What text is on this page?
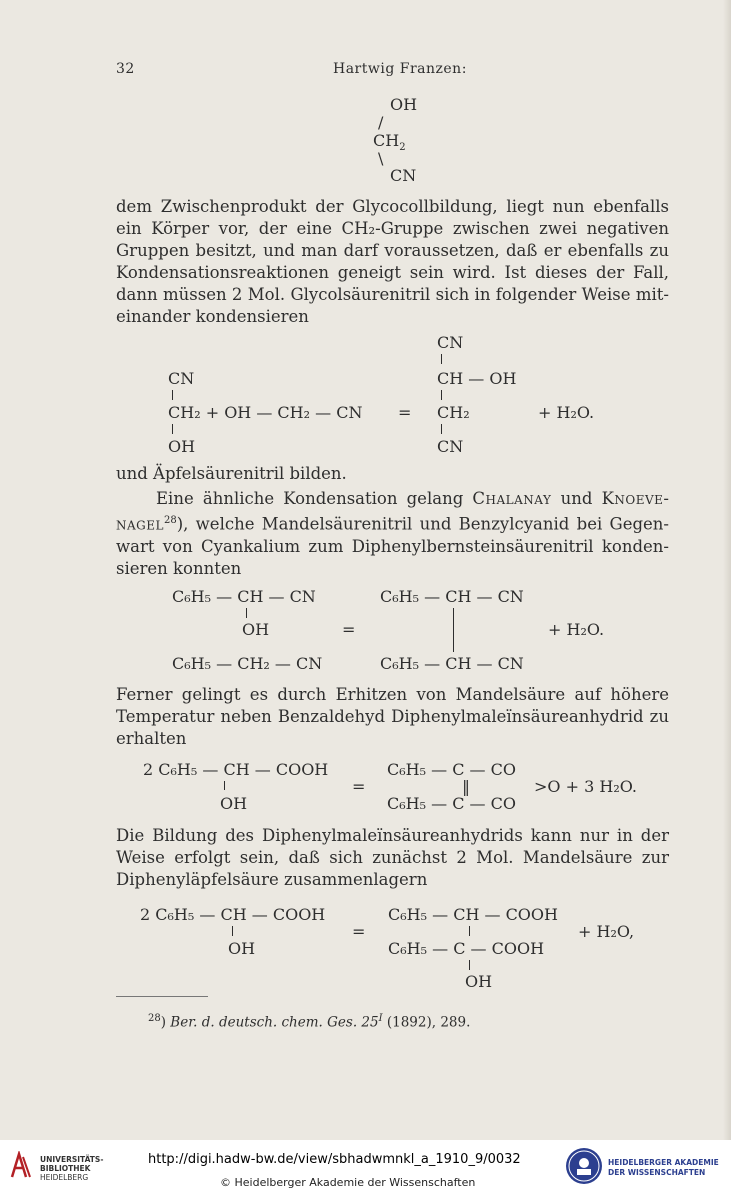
32	Hartwig Franzen:
OH
/
$CH_2$
\
CN
dem Zwischenprodukt der Glycocollbildung, liegt nun ebenfalls ein Körper vor, der eine CH₂-Gruppe zwischen zwei negativen Gruppen besitzt, und man darf voraussetzen, daß er ebenfalls zu Kondensationsreaktionen geneigt sein wird. Ist dieses der Fall, dann müssen 2 Mol. Glycolsäurenitril sich in folgender Weise miteinander kondensieren
CN
CH₂ + OH — CH₂ — CN
OH
=
CN
CH — OH
CH₂
CN
+ H₂O.
und Äpfelsäurenitril bilden.
Eine ähnliche Kondensation gelang Chalanay und Knoevenagel$^{28}$), welche Mandelsäurenitril und Benzylcyanid bei Gegenwart von Cyankalium zum Diphenylbernsteinsäurenitril kondensieren konnten
C₆H₅ — CH — CN
OH
C₆H₅ — CH₂ — CN
=
C₆H₅ — CH — CN
C₆H₅ — CH — CN
+ H₂O.
Ferner gelingt es durch Erhitzen von Mandelsäure auf höhere Temperatur neben Benzaldehyd Diphenylmaleïnsäureanhydrid zu erhalten
2 C₆H₅ — CH — COOH
OH
=
C₆H₅ — C — CO
‖
C₆H₅ — C — CO
>O + 3 H₂O.
Die Bildung des Diphenylmaleïnsäureanhydrids kann nur in der Weise erfolgt sein, daß sich zunächst 2 Mol. Mandelsäure zur Diphenyläpfelsäure zusammenlagern
2 C₆H₅ — CH — COOH
OH
=
C₆H₅ — CH — COOH
C₆H₅ — C — COOH
OH
+ H₂O,
$^{28}$) Ber. d. deutsch. chem. Ges. $25^I$ (1892), 289.
UNIVERSITÄTS-
BIBLIOTHEK
HEIDELBERG
http://digi.hadw-bw.de/view/sbhadwmnkl_a_1910_9/0032
© Heidelberger Akademie der Wissenschaften
HEIDELBERGER AKADEMIE
DER WISSENSCHAFTEN
